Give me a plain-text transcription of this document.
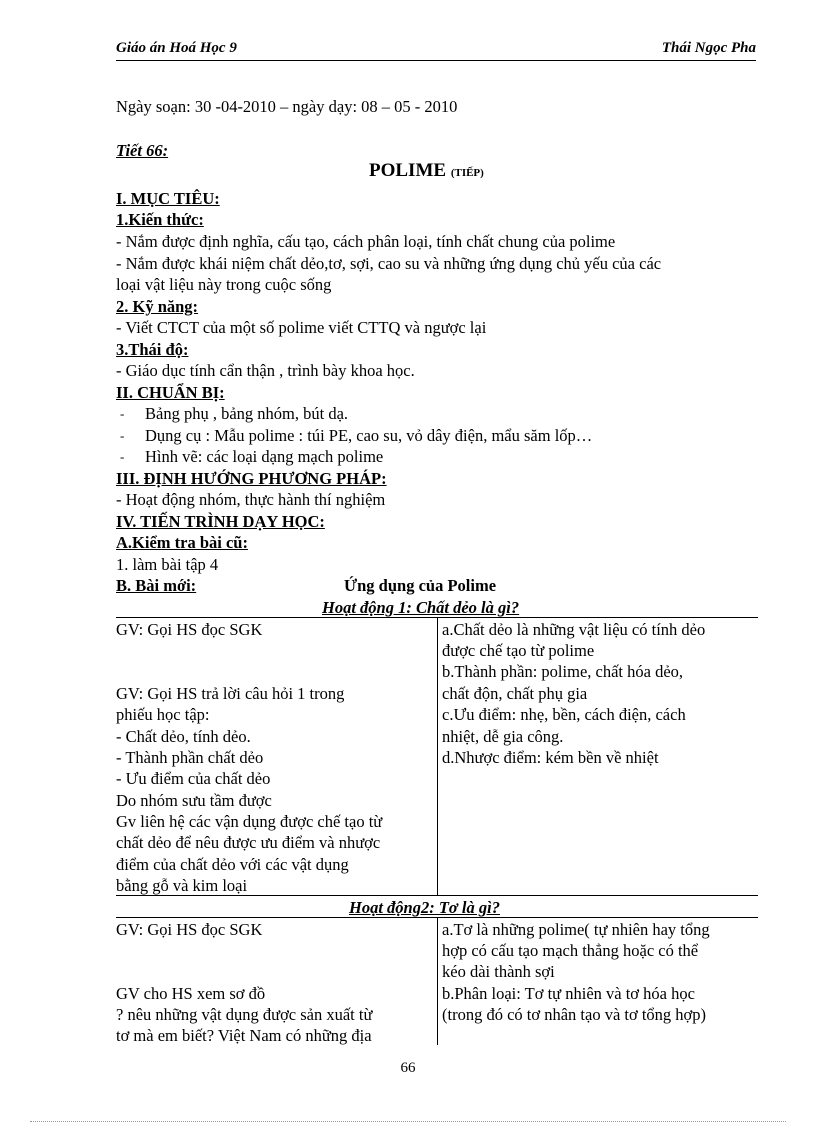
Giáo án Hoá Học 9	Thái Ngọc Pha
Ngày soạn: 30 -04-2010 – ngày dạy: 08 – 05 - 2010
Tiết 66:
POLIME (TIẾP)
I. MỤC TIÊU:
1.Kiến thức:
- Nắm được định nghĩa, cấu tạo, cách phân loại, tính chất chung của polime
- Nắm được khái niệm chất dẻo,tơ, sợi, cao su và những ứng dụng chủ yếu của các
loại vật liệu này trong cuộc sống
2. Kỹ năng:
- Viết CTCT của một số polime viết CTTQ và ngược lại
3.Thái độ:
- Giáo dục tính cẩn thận , trình bày khoa học.
II. CHUẨN BỊ:
- Bảng phụ , bảng nhóm, bút dạ.
- Dụng cụ : Mẫu polime : túi PE, cao su, vỏ dây điện, mẩu săm lốp…
- Hình vẽ: các loại dạng mạch polime
III. ĐỊNH HƯỚNG PHƯƠNG PHÁP:
- Hoạt động nhóm, thực hành thí nghiệm
IV. TIẾN TRÌNH DẠY HỌC:
A.Kiểm tra bài cũ:
1. làm bài tập 4
B. Bài mới:	Ứng dụng của Polime
Hoạt động 1: Chất dẻo là gì?
GV: Gọi HS đọc SGK
GV: Gọi HS trả lời câu hỏi 1 trong
phiếu học tập:
- Chất dẻo, tính dẻo.
- Thành phần chất dẻo
- Ưu điểm của chất dẻo
Do nhóm sưu tầm được
Gv liên hệ các vận dụng được chế tạo từ
chất dẻo để nêu được ưu điểm và nhược
điểm của chất dẻo với các vật dụng
bằng gỗ và kim loại
a.Chất dẻo là những vật liệu có tính dẻo
được chế tạo từ polime
b.Thành phần: polime, chất hóa dẻo,
chất độn, chất phụ gia
c.Ưu điểm: nhẹ, bền, cách điện, cách
nhiệt, dễ gia công.
d.Nhược điểm: kém bền về nhiệt
Hoạt động2: Tơ là gì?
GV: Gọi HS đọc SGK
GV cho HS xem sơ đồ
? nêu những vật dụng được sản xuất từ
tơ mà em biết? Việt Nam có những địa
a.Tơ là những polime( tự nhiên hay tổng
hợp có cấu tạo mạch thẳng hoặc có thể
kéo dài thành sợi
b.Phân loại: Tơ tự nhiên và tơ hóa học
(trong đó có tơ nhân tạo và tơ tổng hợp)
66
